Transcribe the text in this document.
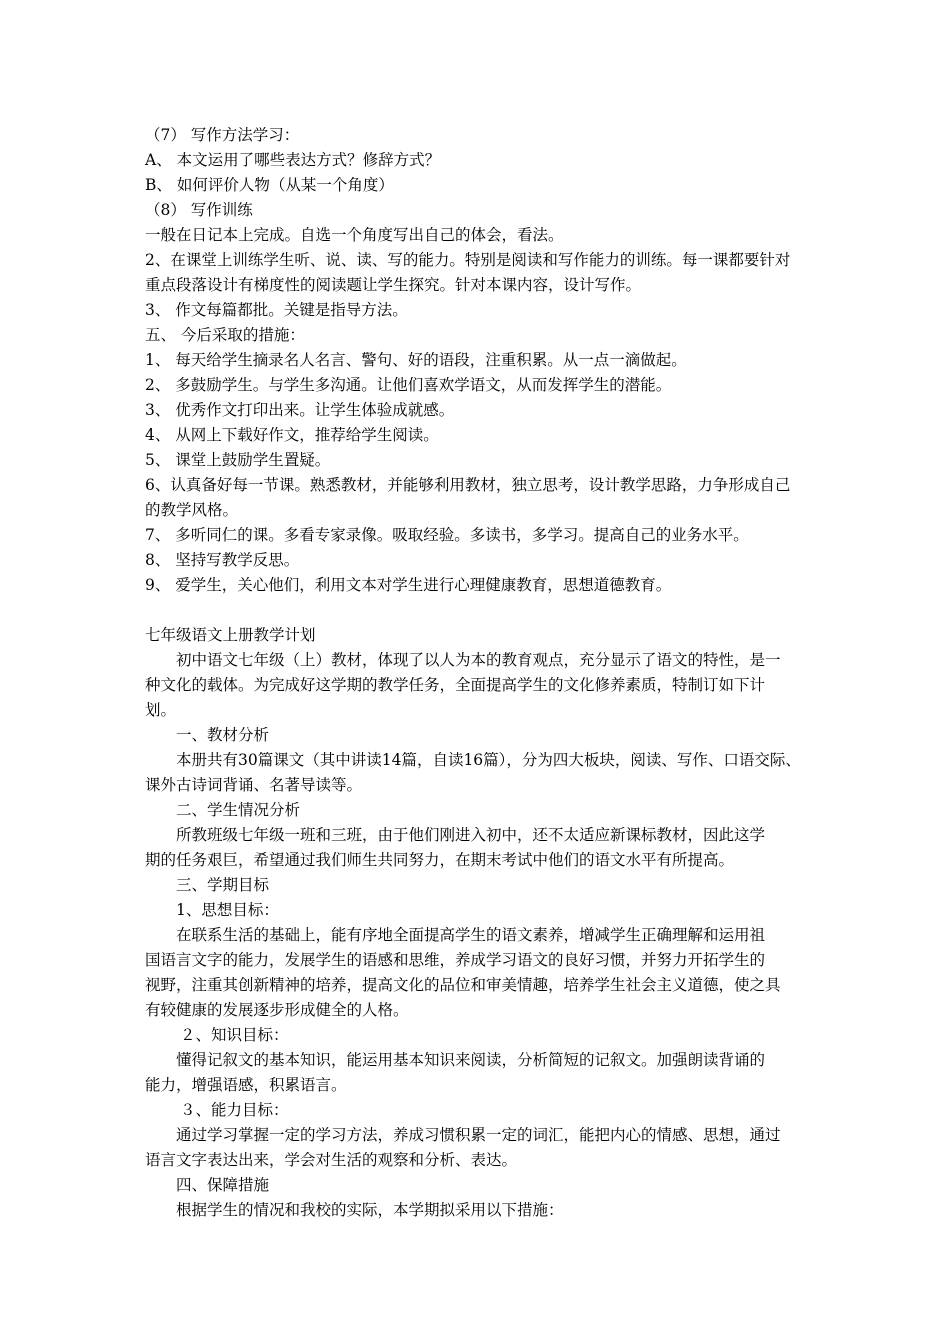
（7） 写作方法学习：
A、 本文运用了哪些表达方式？修辞方式？
B、 如何评价人物（从某一个角度）
（8） 写作训练
一般在日记本上完成。自选一个角度写出自己的体会，看法。
2、在课堂上训练学生听、说、读、写的能力。特别是阅读和写作能力的训练。每一课都要针对
重点段落设计有梯度性的阅读题让学生探究。针对本课内容，设计写作。
3、 作文每篇都批。关键是指导方法。
五、 今后采取的措施：
1、 每天给学生摘录名人名言、警句、好的语段，注重积累。从一点一滴做起。
2、 多鼓励学生。与学生多沟通。让他们喜欢学语文，从而发挥学生的潜能。
3、 优秀作文打印出来。让学生体验成就感。
4、 从网上下载好作文，推荐给学生阅读。
5、 课堂上鼓励学生置疑。
6、认真备好每一节课。熟悉教材，并能够利用教材，独立思考，设计教学思路，力争形成自己
的教学风格。
7、 多听同仁的课。多看专家录像。吸取经验。多读书，多学习。提高自己的业务水平。
8、 坚持写教学反思。
9、 爱学生，关心他们，利用文本对学生进行心理健康教育，思想道德教育。
七年级语文上册教学计划
初中语文七年级（上）教材，体现了以人为本的教育观点，充分显示了语文的特性，是一
种文化的载体。为完成好这学期的教学任务，全面提高学生的文化修养素质，特制订如下计
划。
一、教材分析
本册共有30篇课文（其中讲读14篇，自读16篇），分为四大板块，阅读、写作、口语交际、
课外古诗词背诵、名著导读等。
二、学生情况分析
所教班级七年级一班和三班，由于他们刚进入初中，还不太适应新课标教材，因此这学
期的任务艰巨，希望通过我们师生共同努力，在期末考试中他们的语文水平有所提高。
三、学期目标
1、思想目标：
在联系生活的基础上，能有序地全面提高学生的语文素养，增减学生正确理解和运用祖
国语言文字的能力，发展学生的语感和思维，养成学习语文的良好习惯，并努力开拓学生的
视野，注重其创新精神的培养，提高文化的品位和审美情趣，培养学生社会主义道德，使之具
有较健康的发展逐步形成健全的人格。
２、知识目标：
懂得记叙文的基本知识，能运用基本知识来阅读，分析简短的记叙文。加强朗读背诵的
能力，增强语感，积累语言。
３、能力目标：
通过学习掌握一定的学习方法，养成习惯积累一定的词汇，能把内心的情感、思想，通过
语言文字表达出来，学会对生活的观察和分析、表达。
四、保障措施
根据学生的情况和我校的实际，本学期拟采用以下措施：
